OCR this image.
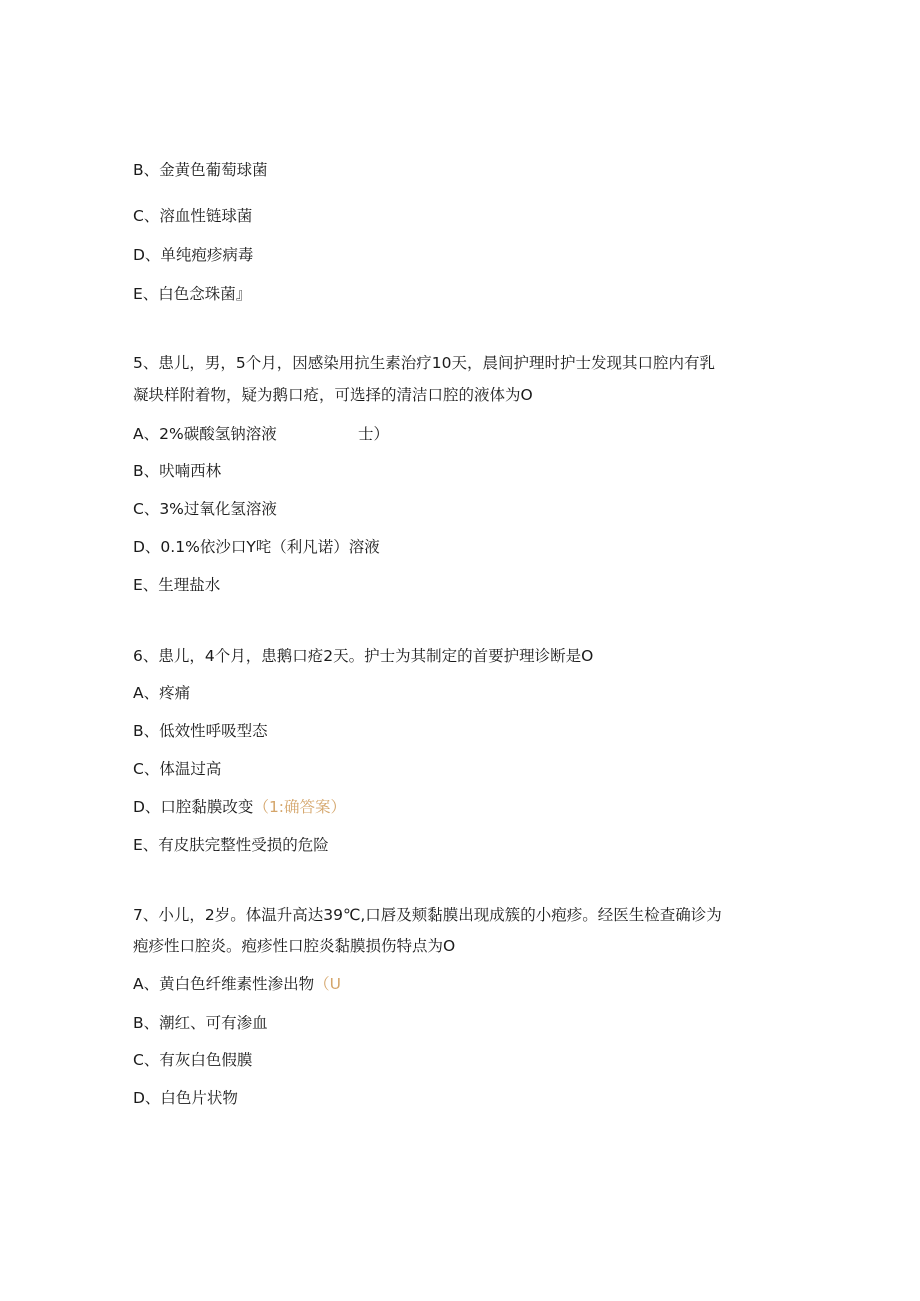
B、金黄色葡萄球菌
C、溶血性链球菌
D、单纯疱疹病毒
E、白色念珠菌』
5、患儿，男，5个月，因感染用抗生素治疗10天，晨间护理时护士发现其口腔内有乳
凝块样附着物，疑为鹅口疮，可选择的清洁口腔的液体为O
A、2%碳酸氢钠溶液	士）
B、吠喃西林
C、3%过氧化氢溶液
D、0.1%依沙口Y咤（利凡诺）溶液
E、生理盐水
6、患儿，4个月，患鹅口疮2天。护士为其制定的首要护理诊断是O
A、疼痛
B、低效性呼吸型态
C、体温过高
D、口腔黏膜改变（1:确答案）
E、有皮肤完整性受损的危险
7、小儿，2岁。体温升高达39℃,口唇及颊黏膜出现成簇的小疱疹。经医生检查确诊为
疱疹性口腔炎。疱疹性口腔炎黏膜损伤特点为O
A、黄白色纤维素性渗出物（U
B、潮红、可有渗血
C、有灰白色假膜
D、白色片状物
